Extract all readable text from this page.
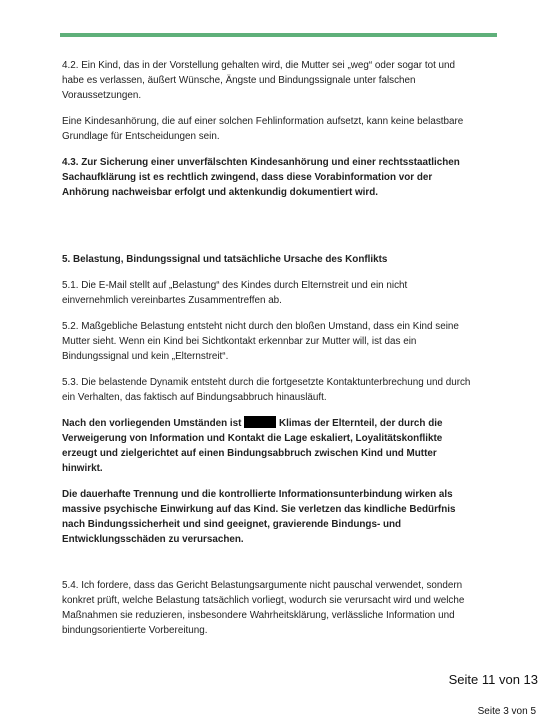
4.2. Ein Kind, das in der Vorstellung gehalten wird, die Mutter sei „weg“ oder sogar tot und habe es verlassen, äußert Wünsche, Ängste und Bindungssignale unter falschen Voraussetzungen.

Eine Kindesanhörung, die auf einer solchen Fehlinformation aufsetzt, kann keine belastbare Grundlage für Entscheidungen sein.

4.3. Zur Sicherung einer unverfälschten Kindesanhörung und einer rechtsstaatlichen Sachaufklärung ist es rechtlich zwingend, dass diese Vorabinformation vor der Anhörung nachweisbar erfolgt und aktenkundig dokumentiert wird.

5. Belastung, Bindungssignal und tatsächliche Ursache des Konflikts

5.1. Die E-Mail stellt auf „Belastung“ des Kindes durch Elternstreit und ein nicht einvernehmlich vereinbartes Zusammentreffen ab.

5.2. Maßgebliche Belastung entsteht nicht durch den bloßen Umstand, dass ein Kind seine Mutter sieht. Wenn ein Kind bei Sichtkontakt erkennbar zur Mutter will, ist das ein Bindungssignal und kein „Elternstreit“.

5.3. Die belastende Dynamik entsteht durch die fortgesetzte Kontaktunterbrechung und durch ein Verhalten, das faktisch auf Bindungsabbruch hinausläuft.

Nach den vorliegenden Umständen ist	Klimas der Elternteil, der durch die Verweigerung von Information und Kontakt die Lage eskaliert, Loyalitätskonflikte erzeugt und zielgerichtet auf einen Bindungsabbruch zwischen Kind und Mutter hinwirkt.

Die dauerhafte Trennung und die kontrollierte Informationsunterbindung wirken als massive psychische Einwirkung auf das Kind. Sie verletzen das kindliche Bedürfnis nach Bindungssicherheit und sind geeignet, gravierende Bindungs- und Entwicklungsschäden zu verursachen.

5.4. Ich fordere, dass das Gericht Belastungsargumente nicht pauschal verwendet, sondern konkret prüft, welche Belastung tatsächlich vorliegt, wodurch sie verursacht wird und welche Maßnahmen sie reduzieren, insbesondere Wahrheitsklärung, verlässliche Information und bindungsorientierte Vorbereitung.

Seite 11 von 13
Seite 3 von 5
